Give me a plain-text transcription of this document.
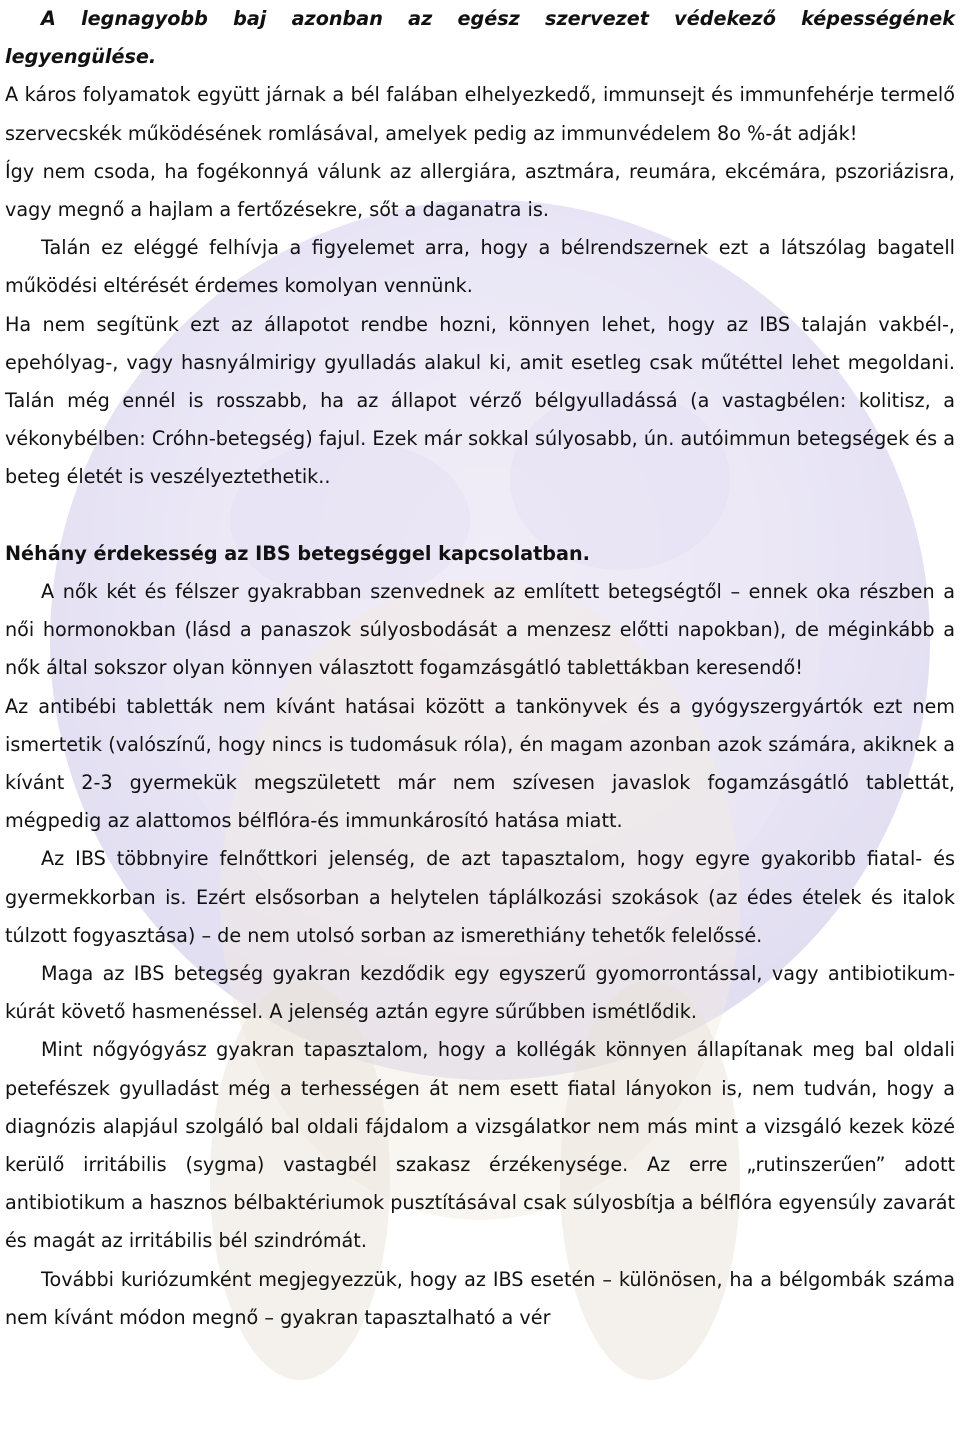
A legnagyobb baj azonban az egész szervezet védekező képességének legyengülése.

A káros folyamatok együtt járnak a bél falában elhelyezkedő, immunsejt és immunfehérje termelő szervecskék működésének romlásával, amelyek pedig az immunvédelem 8o %-át adják!

Így nem csoda, ha fogékonnyá válunk az allergiára, asztmára, reumára, ekcémára, pszoriázisra, vagy megnő a hajlam a fertőzésekre, sőt a daganatra is.

Talán ez eléggé felhívja a figyelemet arra, hogy a bélrendszernek ezt a látszólag bagatell működési eltérését érdemes komolyan vennünk.

Ha nem segítünk ezt az állapotot rendbe hozni, könnyen lehet, hogy az IBS talaján vakbél-, epehólyag-, vagy hasnyálmirigy gyulladás alakul ki, amit esetleg csak műtéttel lehet megoldani. Talán még ennél is rosszabb, ha az állapot vérző bélgyulladássá (a vastagbélen: kolitisz, a vékonybélben: Cróhn-betegség) fajul. Ezek már sokkal súlyosabb, ún. autóimmun betegségek és a beteg életét is veszélyeztethetik..

Néhány érdekesség az IBS betegséggel kapcsolatban.

A nők két és félszer gyakrabban szenvednek az említett betegségtől – ennek oka részben a női hormonokban (lásd a panaszok súlyosbodását a menzesz előtti napokban), de méginkább a nők által sokszor olyan könnyen választott fogamzásgátló tablettákban keresendő!

Az antibébi tabletták nem kívánt hatásai között a tankönyvek és a gyógyszergyártók ezt nem ismertetik (valószínű, hogy nincs is tudomásuk róla), én magam azonban azok számára, akiknek a kívánt 2-3 gyermekük megszületett már nem szívesen javaslok fogamzásgátló tablettát, mégpedig az alattomos bélflóra-és immunkárosító hatása miatt.

Az IBS többnyire felnőttkori jelenség, de azt tapasztalom, hogy egyre gyakoribb fiatal- és gyermekkorban is. Ezért elsősorban a helytelen táplálkozási szokások (az édes ételek és italok túlzott fogyasztása) – de nem utolsó sorban az ismerethiány tehetők felelőssé.

Maga az IBS betegség gyakran kezdődik egy egyszerű gyomorrontással, vagy antibiotikum-kúrát követő hasmenéssel. A jelenség aztán egyre sűrűbben ismétlődik.

Mint nőgyógyász gyakran tapasztalom, hogy a kollégák könnyen állapítanak meg bal oldali petefészek gyulladást még a terhességen át nem esett fiatal lányokon is, nem tudván, hogy a diagnózis alapjául szolgáló bal oldali fájdalom a vizsgálatkor nem más mint a vizsgáló kezek közé kerülő irritábilis (sygma) vastagbél szakasz érzékenysége. Az erre „rutinszerűen” adott antibiotikum a hasznos bélbaktériumok pusztításával csak súlyosbítja a bélflóra egyensúly zavarát és magát az irritábilis bél szindrómát.

További kuriózumként megjegyezzük, hogy az IBS esetén – különösen, ha a bélgombák száma nem kívánt módon megnő – gyakran tapasztalható a vér
